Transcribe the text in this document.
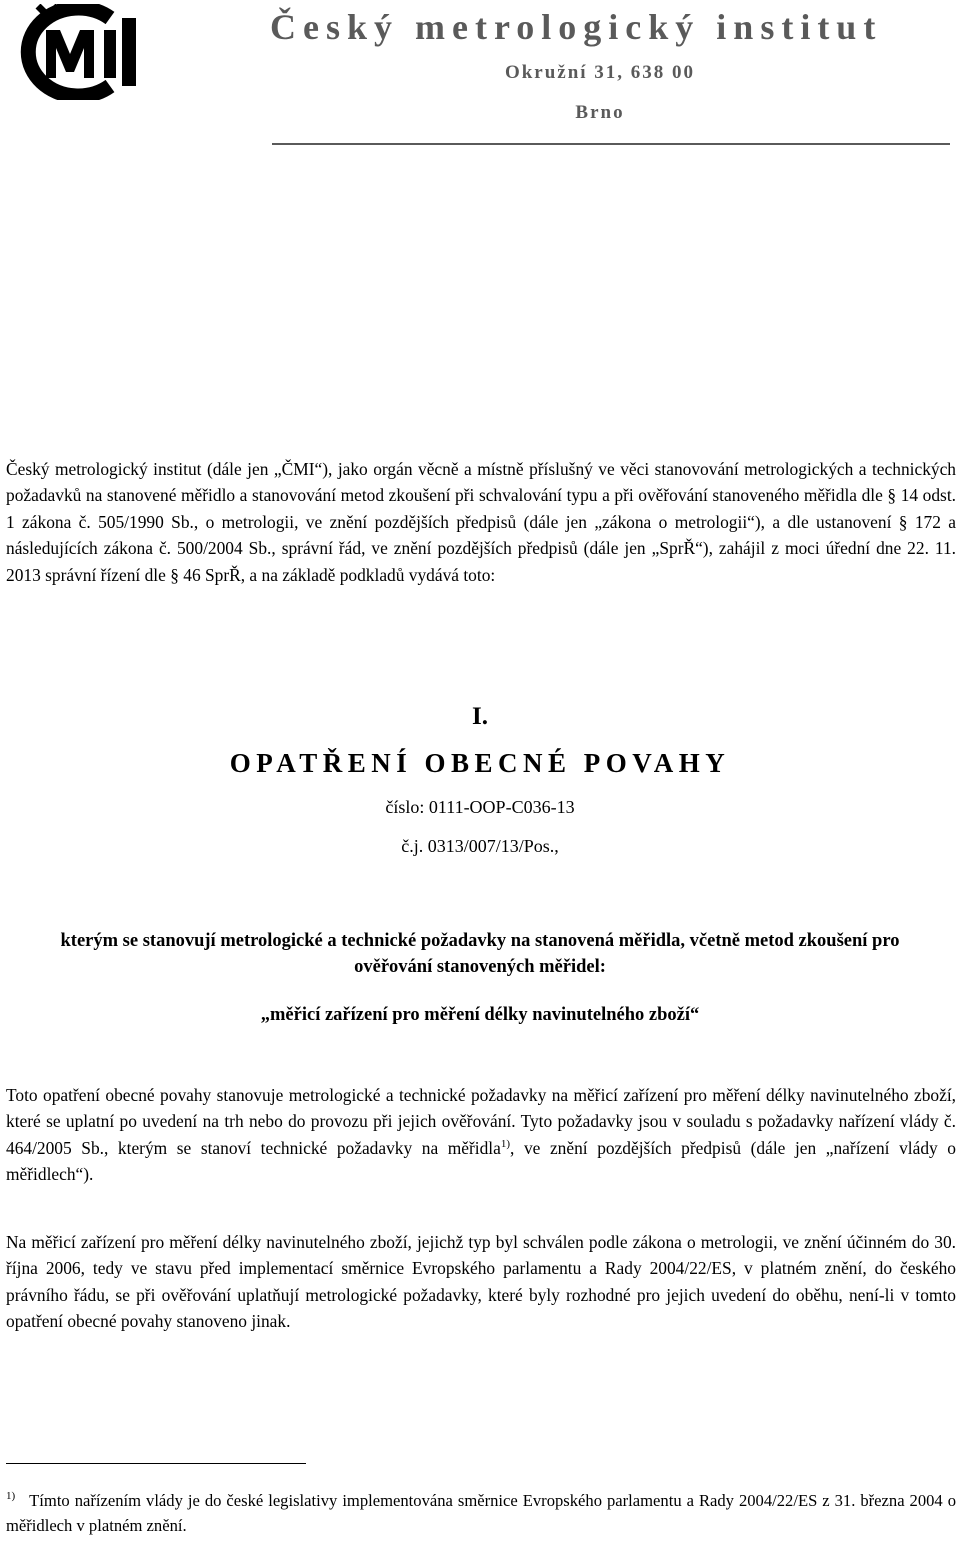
Český metrologický institut
Okružní 31, 638 00
Brno
Český metrologický institut (dále jen „ČMI“), jako orgán věcně a místně příslušný ve věci stanovování metrologických a technických požadavků na stanovené měřidlo a stanovování metod zkoušení při schvalování typu a při ověřování stanoveného měřidla dle § 14 odst. 1 zákona č. 505/1990 Sb., o metrologii, ve znění pozdějších předpisů (dále jen „zákona o metrologii“), a dle ustanovení § 172 a následujících zákona č. 500/2004 Sb., správní řád, ve znění pozdějších předpisů (dále jen „SprŘ“), zahájil z moci úřední dne 22. 11. 2013 správní řízení dle § 46 SprŘ, a na základě podkladů vydává toto:
I.
OPATŘENÍ OBECNÉ POVAHY
číslo: 0111-OOP-C036-13
č.j. 0313/007/13/Pos.,
kterým se stanovují metrologické a technické požadavky na stanovená měřidla, včetně metod zkoušení pro ověřování stanovených měřidel:
„měřicí zařízení pro měření délky navinutelného zboží“
Toto opatření obecné povahy stanovuje metrologické a technické požadavky na měřicí zařízení pro měření délky navinutelného zboží, které se uplatní po uvedení na trh nebo do provozu při jejich ověřování. Tyto požadavky jsou v souladu s požadavky nařízení vlády č. 464/2005 Sb., kterým se stanoví technické požadavky na měřidla$^{1)}$, ve znění pozdějších předpisů (dále jen „nařízení vlády o měřidlech“).
Na měřicí zařízení pro měření délky navinutelného zboží, jejichž typ byl schválen podle zákona o metrologii, ve znění účinném do 30. října 2006, tedy ve stavu před implementací směrnice Evropského parlamentu a Rady 2004/22/ES, v platném znění, do českého právního řádu, se při ověřování uplatňují metrologické požadavky, které byly rozhodné pro jejich uvedení do oběhu, není-li v tomto opatření obecné povahy stanoveno jinak.
$^{1)}$ Tímto nařízením vlády je do české legislativy implementována směrnice Evropského parlamentu a Rady 2004/22/ES z 31. března 2004 o měřidlech v platném znění.
